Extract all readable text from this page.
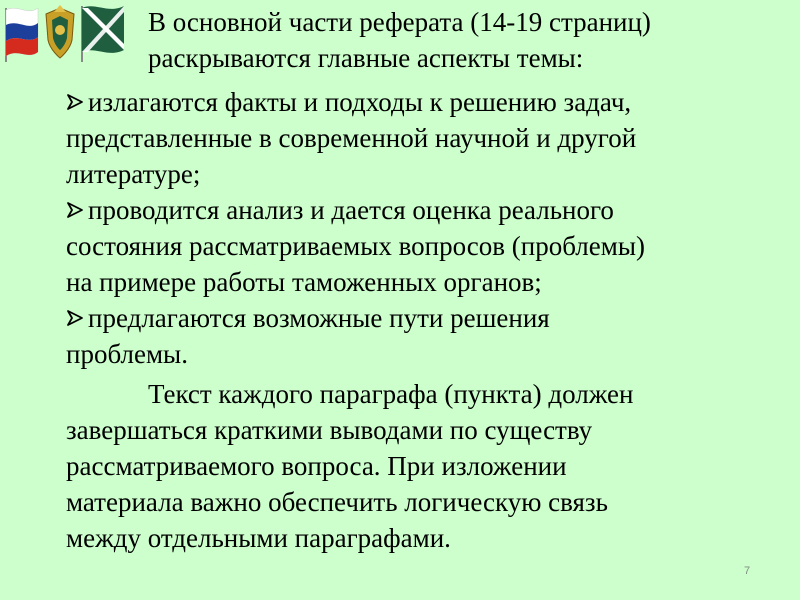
В основной части реферата (14-19 страниц)

раскрываются главные аспекты темы:

излагаются факты и подходы к решению задач,

представленные в современной научной и другой

литературе;

проводится анализ и дается оценка реального

состояния рассматриваемых вопросов (проблемы)

на примере работы таможенных органов;

предлагаются возможные пути решения

проблемы.

Текст каждого параграфа (пункта) должен

завершаться краткими выводами по существу

рассматриваемого вопроса. При изложении

материала важно обеспечить логическую связь

между отдельными параграфами.

7
